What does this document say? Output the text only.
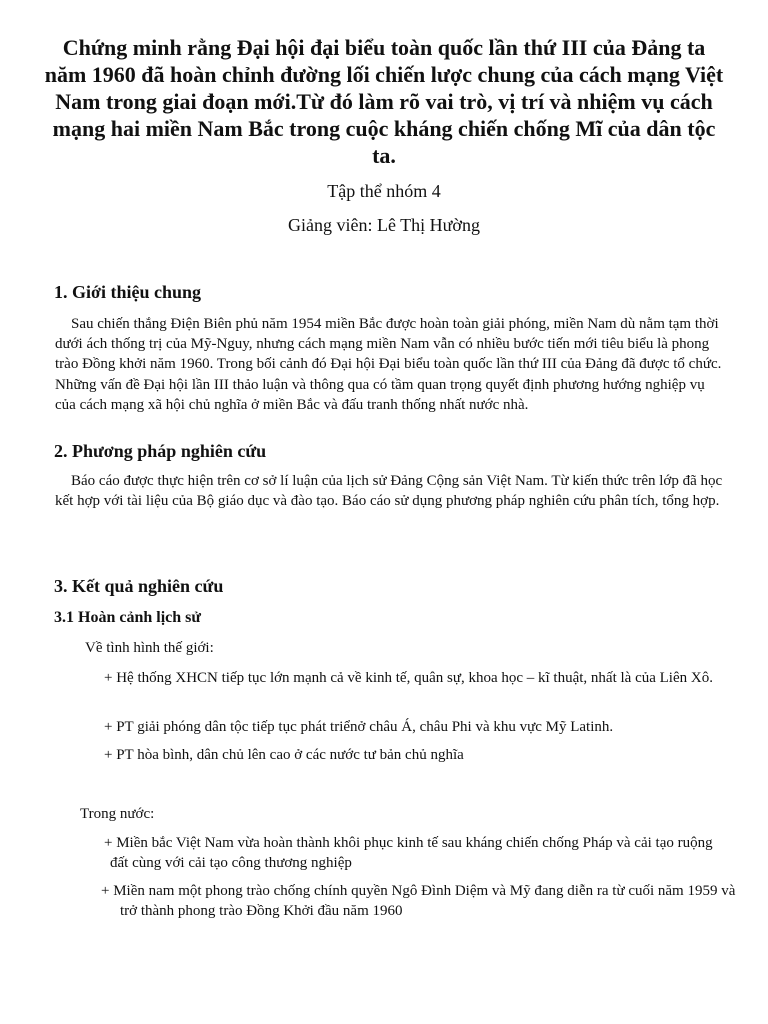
Chứng minh rằng Đại hội đại biểu toàn quốc lần thứ III của Đảng ta năm 1960 đã hoàn chỉnh đường lối chiến lược chung của cách mạng Việt Nam trong giai đoạn mới.Từ đó làm rõ vai trò, vị trí và nhiệm vụ cách mạng hai miền Nam Bắc trong cuộc kháng chiến chống Mĩ của dân tộc ta.
Tập thể nhóm 4
Giảng viên: Lê Thị Hường
1. Giới thiệu chung

Sau chiến thắng Điện Biên phủ năm 1954 miền Bắc được hoàn toàn giải phóng, miền Nam dù nằm tạm thời dưới ách thống trị của Mỹ-Nguy, nhưng cách mạng miền Nam vẫn có nhiều bước tiến mới tiêu biểu là phong trào Đồng khởi năm 1960. Trong bối cảnh đó Đại hội Đại biểu toàn quốc lần thứ III của Đảng đã được tổ chức. Những vấn đề Đại hội lần III thảo luận và thông qua có tầm quan trọng quyết định phương hướng nghiệp vụ của cách mạng xã hội chủ nghĩa ở miền Bắc và đấu tranh thống nhất nước nhà.

2. Phương pháp nghiên cứu

Báo cáo được thực hiện trên cơ sở lí luận của lịch sử Đảng Cộng sản Việt Nam. Từ kiến thức trên lớp đã học kết hợp với tài liệu của Bộ giáo dục và đào tạo. Báo cáo sử dụng phương pháp nghiên cứu phân tích, tổng hợp.

3. Kết quả nghiên cứu
3.1 Hoàn cảnh lịch sử

Về tình hình thế giới:

+ Hệ thống XHCN tiếp tục lớn mạnh cả về kinh tế, quân sự, khoa học – kĩ thuật, nhất là của Liên Xô.

+ PT giải phóng dân tộc tiếp tục phát triểnở châu Á, châu Phi và khu vực Mỹ Latinh.

+ PT hòa bình, dân chủ lên cao ở các nước tư bản chủ nghĩa

Trong nước:

+ Miền bắc Việt Nam vừa hoàn thành khôi phục kinh tế sau kháng chiến chống Pháp và cải tạo ruộng đất cùng với cải tạo công thương nghiệp

+ Miền nam một phong trào chống chính quyền Ngô Đình Diệm và Mỹ đang diễn ra từ cuối năm 1959 và trở thành phong trào Đồng Khởi đầu năm 1960
